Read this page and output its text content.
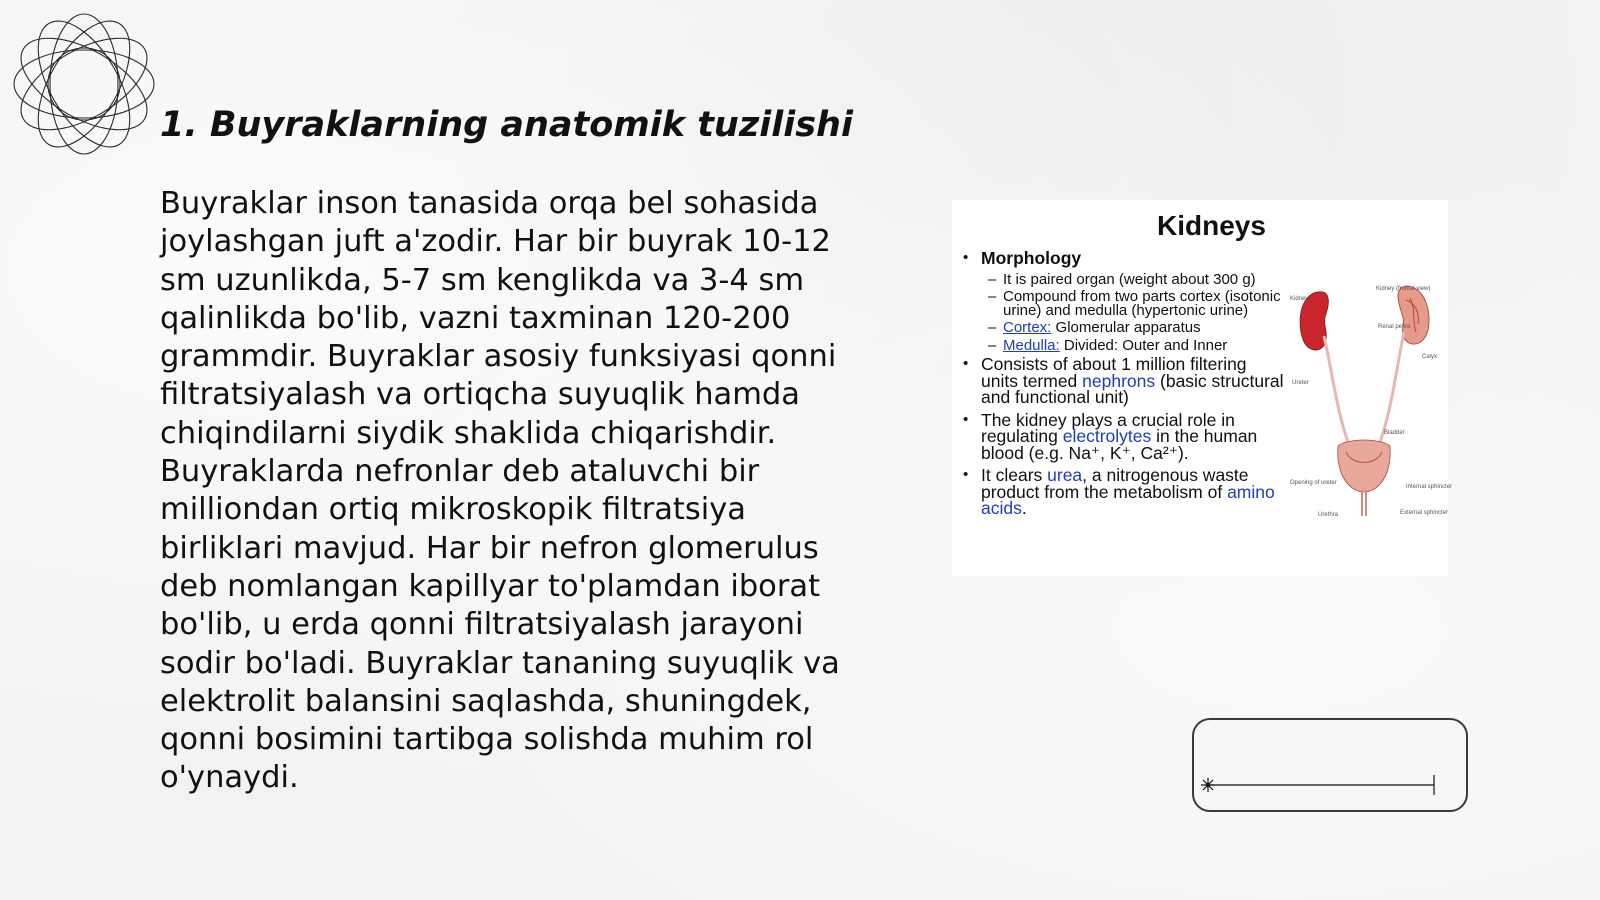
1. Buyraklarning anatomik tuzilishi

Buyraklar inson tanasida orqa bel sohasida joylashgan juft a'zodir. Har bir buyrak 10-12 sm uzunlikda, 5-7 sm kenglikda va 3-4 sm qalinlikda bo'lib, vazni taxminan 120-200 grammdir. Buyraklar asosiy funksiyasi qonni filtratsiyalash va ortiqcha suyuqlik hamda chiqindilarni siydik shaklida chiqarishdir. Buyraklarda nefronlar deb ataluvchi bir milliondan ortiq mikroskopik filtratsiya birliklari mavjud. Har bir nefron glomerulus deb nomlangan kapillyar to'plamdan iborat bo'lib, u erda qonni filtratsiyalash jarayoni sodir bo'ladi. Buyraklar tananing suyuqlik va elektrolit balansini saqlashda, shuningdek, qonni bosimini tartibga solishda muhim rol o'ynaydi.

Kidneys
• Morphology
– It is paired organ (weight about 300 g)
– Compound from two parts cortex (isotonic urine) and medulla (hypertonic urine)
– Cortex: Glomerular apparatus
– Medulla: Divided: Outer and Inner
• Consists of about 1 million filtering units termed nephrons (basic structural and functional unit)
• The kidney plays a crucial role in regulating electrolytes in the human blood (e.g. Na⁺, K⁺, Ca²⁺).
• It clears urea, a nitrogenous waste product from the metabolism of amino acids.
Kidneys
Kidney (frontal view)
Renal pelvis
Calyx
Ureter
Bladder
Opening of ureter
Internal sphincter
Urethra	External sphincter
